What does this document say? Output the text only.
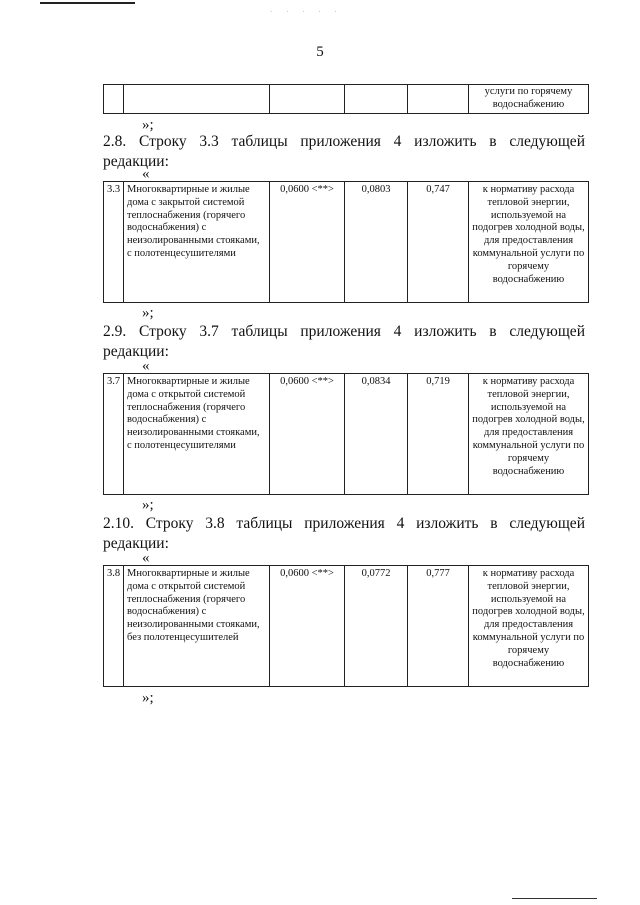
· · · · ·
5
					услуги по горячему водоснабжению
»;
2.8. Строку 3.3 таблицы приложения 4 изложить в следующей
редакции:
«
3.3	Многоквартирные и жилые дома с закрытой системой теплоснабжения (горячего водоснабжения) с неизолированными стояками, с полотенцесушителями	0,0600 <**>	0,0803	0,747	к нормативу расхода тепловой энергии, используемой на подогрев холодной воды, для предоставления коммунальной услуги по горячему водоснабжению
»;
2.9. Строку 3.7 таблицы приложения 4 изложить в следующей
редакции:
«
3.7	Многоквартирные и жилые дома с открытой системой теплоснабжения (горячего водоснабжения) с неизолированными стояками, с полотенцесушителями	0,0600 <**>	0,0834	0,719	к нормативу расхода тепловой энергии, используемой на подогрев холодной воды, для предоставления коммунальной услуги по горячему водоснабжению
»;
2.10. Строку 3.8 таблицы приложения 4 изложить в следующей
редакции:
«
3.8	Многоквартирные и жилые дома с открытой системой теплоснабжения (горячего водоснабжения) с неизолированными стояками, без полотенцесушителей	0,0600 <**>	0,0772	0,777	к нормативу расхода тепловой энергии, используемой на подогрев холодной воды, для предоставления коммунальной услуги по горячему водоснабжению
»;
